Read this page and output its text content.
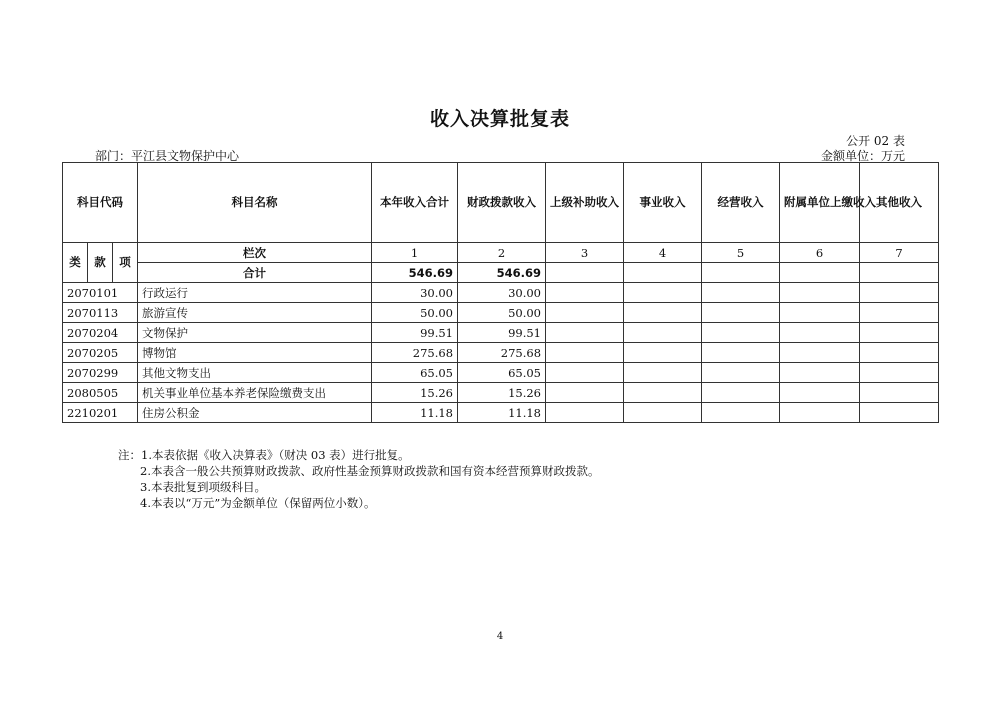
收入决算批复表
公开 02 表
部门：平江县文物保护中心	金额单位：万元
科目代码			科目名称	本年收入合计	财政拨款收入	上级补助收入	事业收入	经营收入	附属单位上缴收入	其他收入
类	款	项	栏次	1	2	3	4	5	6	7
			合计	546.69	546.69					
2070101			行政运行	30.00	30.00					
2070113			旅游宣传	50.00	50.00					
2070204			文物保护	99.51	99.51					
2070205			博物馆	275.68	275.68					
2070299			其他文物支出	65.05	65.05					
2080505			机关事业单位基本养老保险缴费支出	15.26	15.26					
2210201			住房公积金	11.18	11.18					
注：1.本表依据《收入决算表》（财决 03 表）进行批复。
2.本表含一般公共预算财政拨款、政府性基金预算财政拨款和国有资本经营预算财政拨款。
3.本表批复到项级科目。
4.本表以“万元”为金额单位（保留两位小数）。
4
